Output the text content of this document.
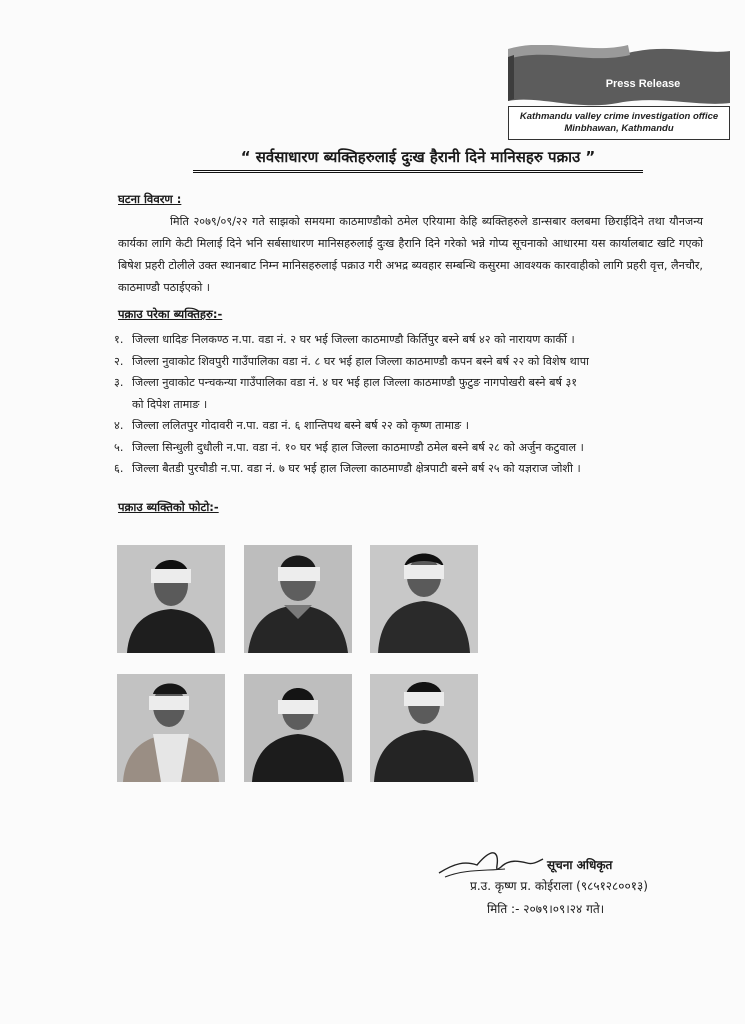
Press Release
Kathmandu valley crime investigation office
Minbhawan, Kathmandu
“ सर्वसाधारण ब्यक्तिहरुलाई दुःख हैरानी दिने मानिसहरु पक्राउ ”
घटना विवरण :
मिति २०७९/०९/२२ गते साझको समयमा काठमाण्डौको ठमेल एरियामा केहि ब्यक्तिहरुले डान्सबार क्लबमा छिराईदिने तथा यौनजन्य कार्यका लागि केटी मिलाई दिने भनि सर्बसाधारण मानिसहरुलाई दुःख हैरानि दिने गरेको भन्ने गोप्य सूचनाको आधारमा यस कार्यालबाट खटि गएको बिषेश प्रहरी टोलीले उक्त स्थानबाट निम्न मानिसहरुलाई पक्राउ गरी अभद्र ब्यवहार सम्बन्धि कसुरमा आवश्यक कारवाहीको लागि प्रहरी वृत्त, लैनचौर, काठमाण्डौ पठाईएको ।
पक्राउ परेका ब्यक्तिहरु:-
१. जिल्ला धादिङ निलकण्ठ न.पा. वडा नं. २ घर भई जिल्ला काठमाण्डौ किर्तिपुर बस्ने बर्ष ४२ को नारायण कार्की ।
२. जिल्ला नुवाकोट शिवपुरी गाउँपालिका वडा नं. ८ घर भई हाल जिल्ला काठमाण्डौ कपन बस्ने बर्ष २२ को विशेष थापा
३. जिल्ला नुवाकोट पन्चकन्या गाउँपालिका वडा नं. ४ घर भई हाल जिल्ला काठमाण्डौ फुटुङ नागपोखरी बस्ने बर्ष ३१
को दिपेश तामाङ ।
४. जिल्ला ललितपुर गोदावरी न.पा. वडा नं. ६ शान्तिपथ बस्ने बर्ष २२ को कृष्ण तामाङ ।
५. जिल्ला सिन्धुली दुधौली न.पा. वडा नं. १० घर भई हाल जिल्ला काठमाण्डौ ठमेल बस्ने बर्ष २८ को अर्जुन कटुवाल ।
६. जिल्ला बैतडी पुरचौडी न.पा. वडा नं. ७ घर भई हाल जिल्ला काठमाण्डौ क्षेत्रपाटी बस्ने बर्ष २५ को यज्ञराज जोशी ।
पक्राउ ब्यक्तिको फोटो:-
सूचना अधिकृत
प्र.उ. कृष्ण प्र. कोईराला (९८५१२८००१३)
मिति :- २०७९।०९।२४ गते।
